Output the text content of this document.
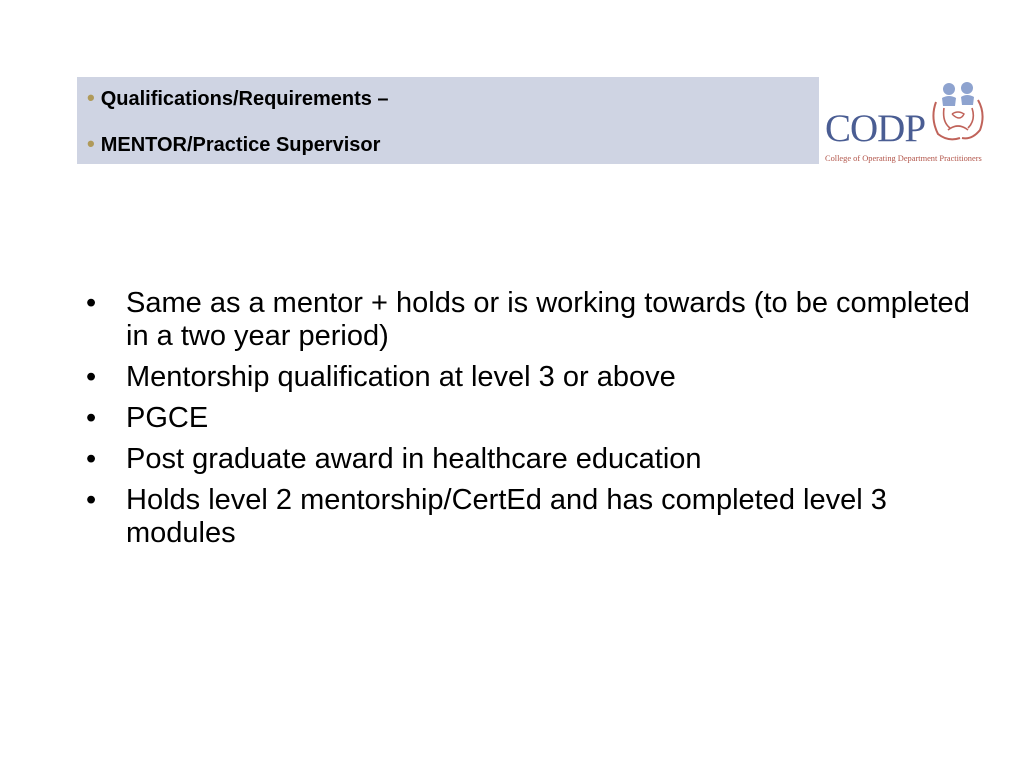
• Qualifications/Requirements –
• MENTOR/Practice Supervisor	CODP
College of Operating Department Practitioners
• Same as a mentor + holds or is working towards (to be completed in a two year period)
• Mentorship qualification at level 3 or above
• PGCE
• Post graduate award in healthcare education
• Holds level 2 mentorship/CertEd and has completed level 3 modules
